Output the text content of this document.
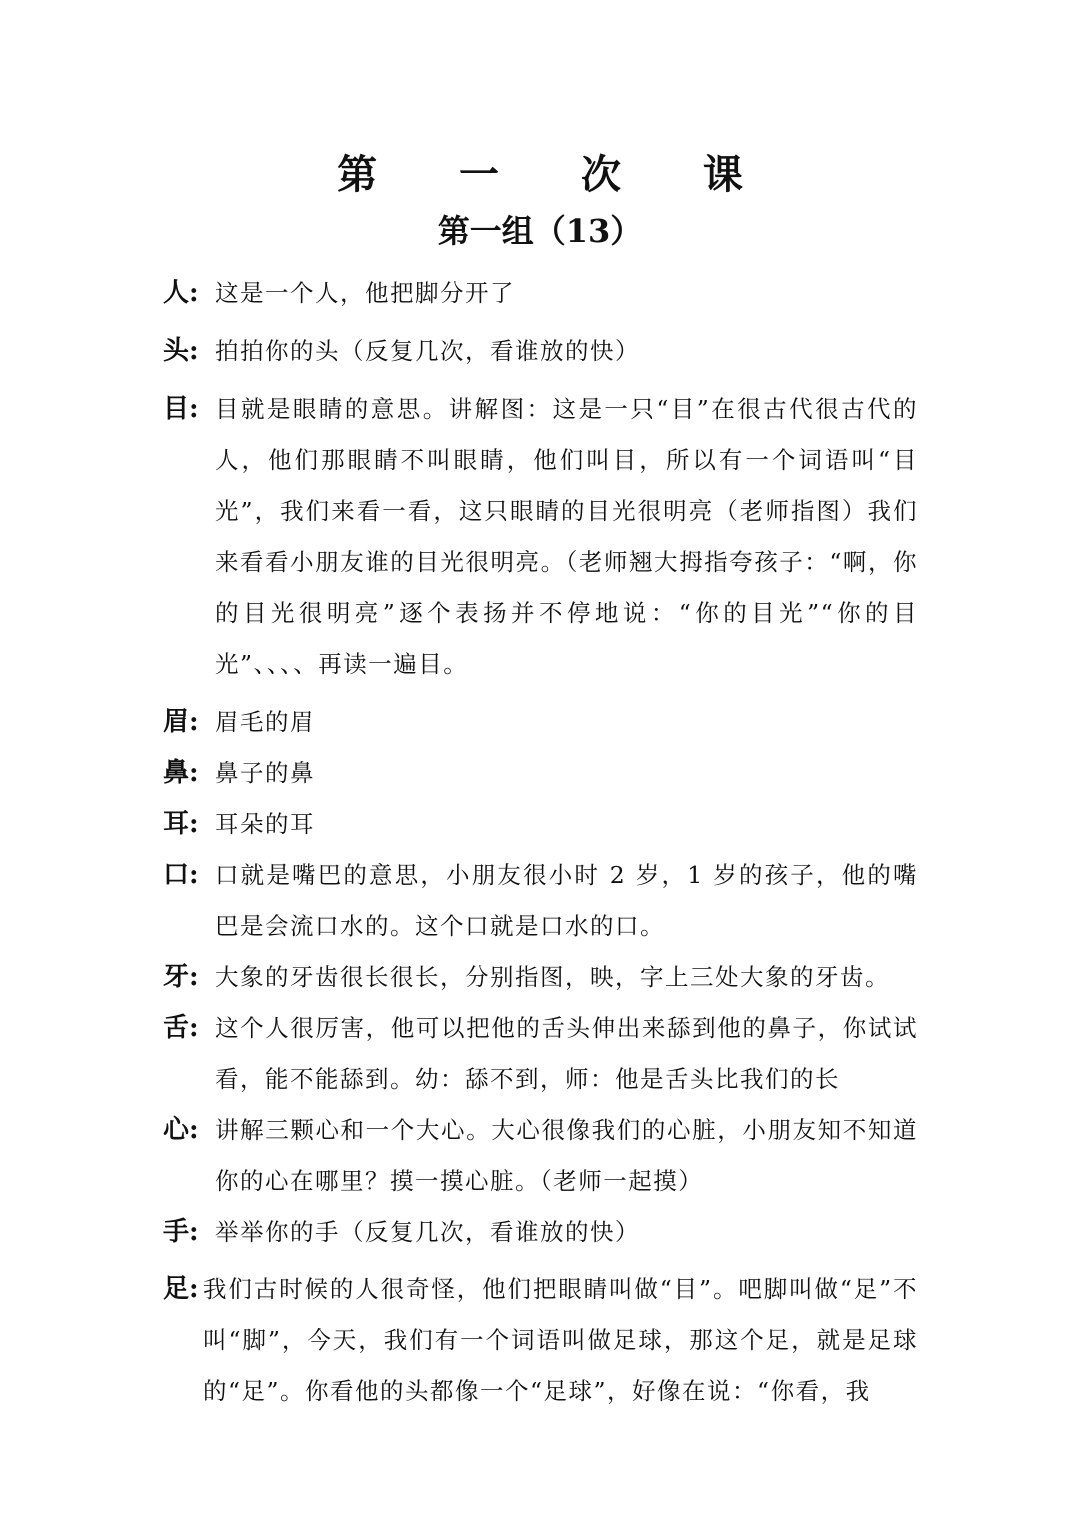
第 一 次 课
第一组（13）
人: 这是一个人，他把脚分开了
头: 拍拍你的头（反复几次，看谁放的快）
目: 目就是眼睛的意思。讲解图：这是一只“目”在很古代很古代的人，他们那眼睛不叫眼睛，他们叫目，所以有一个词语叫“目光”，我们来看一看，这只眼睛的目光很明亮（老师指图）我们来看看小朋友谁的目光很明亮。（老师翘大拇指夸孩子：“啊，你的目光很明亮”逐个表扬并不停地说：“你的目光”“你的目光”、、、、再读一遍目。
眉: 眉毛的眉
鼻: 鼻子的鼻
耳: 耳朵的耳
口: 口就是嘴巴的意思，小朋友很小时 2 岁，1 岁的孩子，他的嘴巴是会流口水的。这个口就是口水的口。
牙: 大象的牙齿很长很长，分别指图，映，字上三处大象的牙齿。
舌: 这个人很厉害，他可以把他的舌头伸出来舔到他的鼻子，你试试看，能不能舔到。幼：舔不到，师：他是舌头比我们的长
心: 讲解三颗心和一个大心。大心很像我们的心脏，小朋友知不知道你的心在哪里？摸一摸心脏。（老师一起摸）
手: 举举你的手（反复几次，看谁放的快）
足: 我们古时候的人很奇怪，他们把眼睛叫做“目”。吧脚叫做“足”不叫“脚”，今天，我们有一个词语叫做足球，那这个足，就是足球的“足”。你看他的头都像一个“足球”，好像在说：“你看，我
